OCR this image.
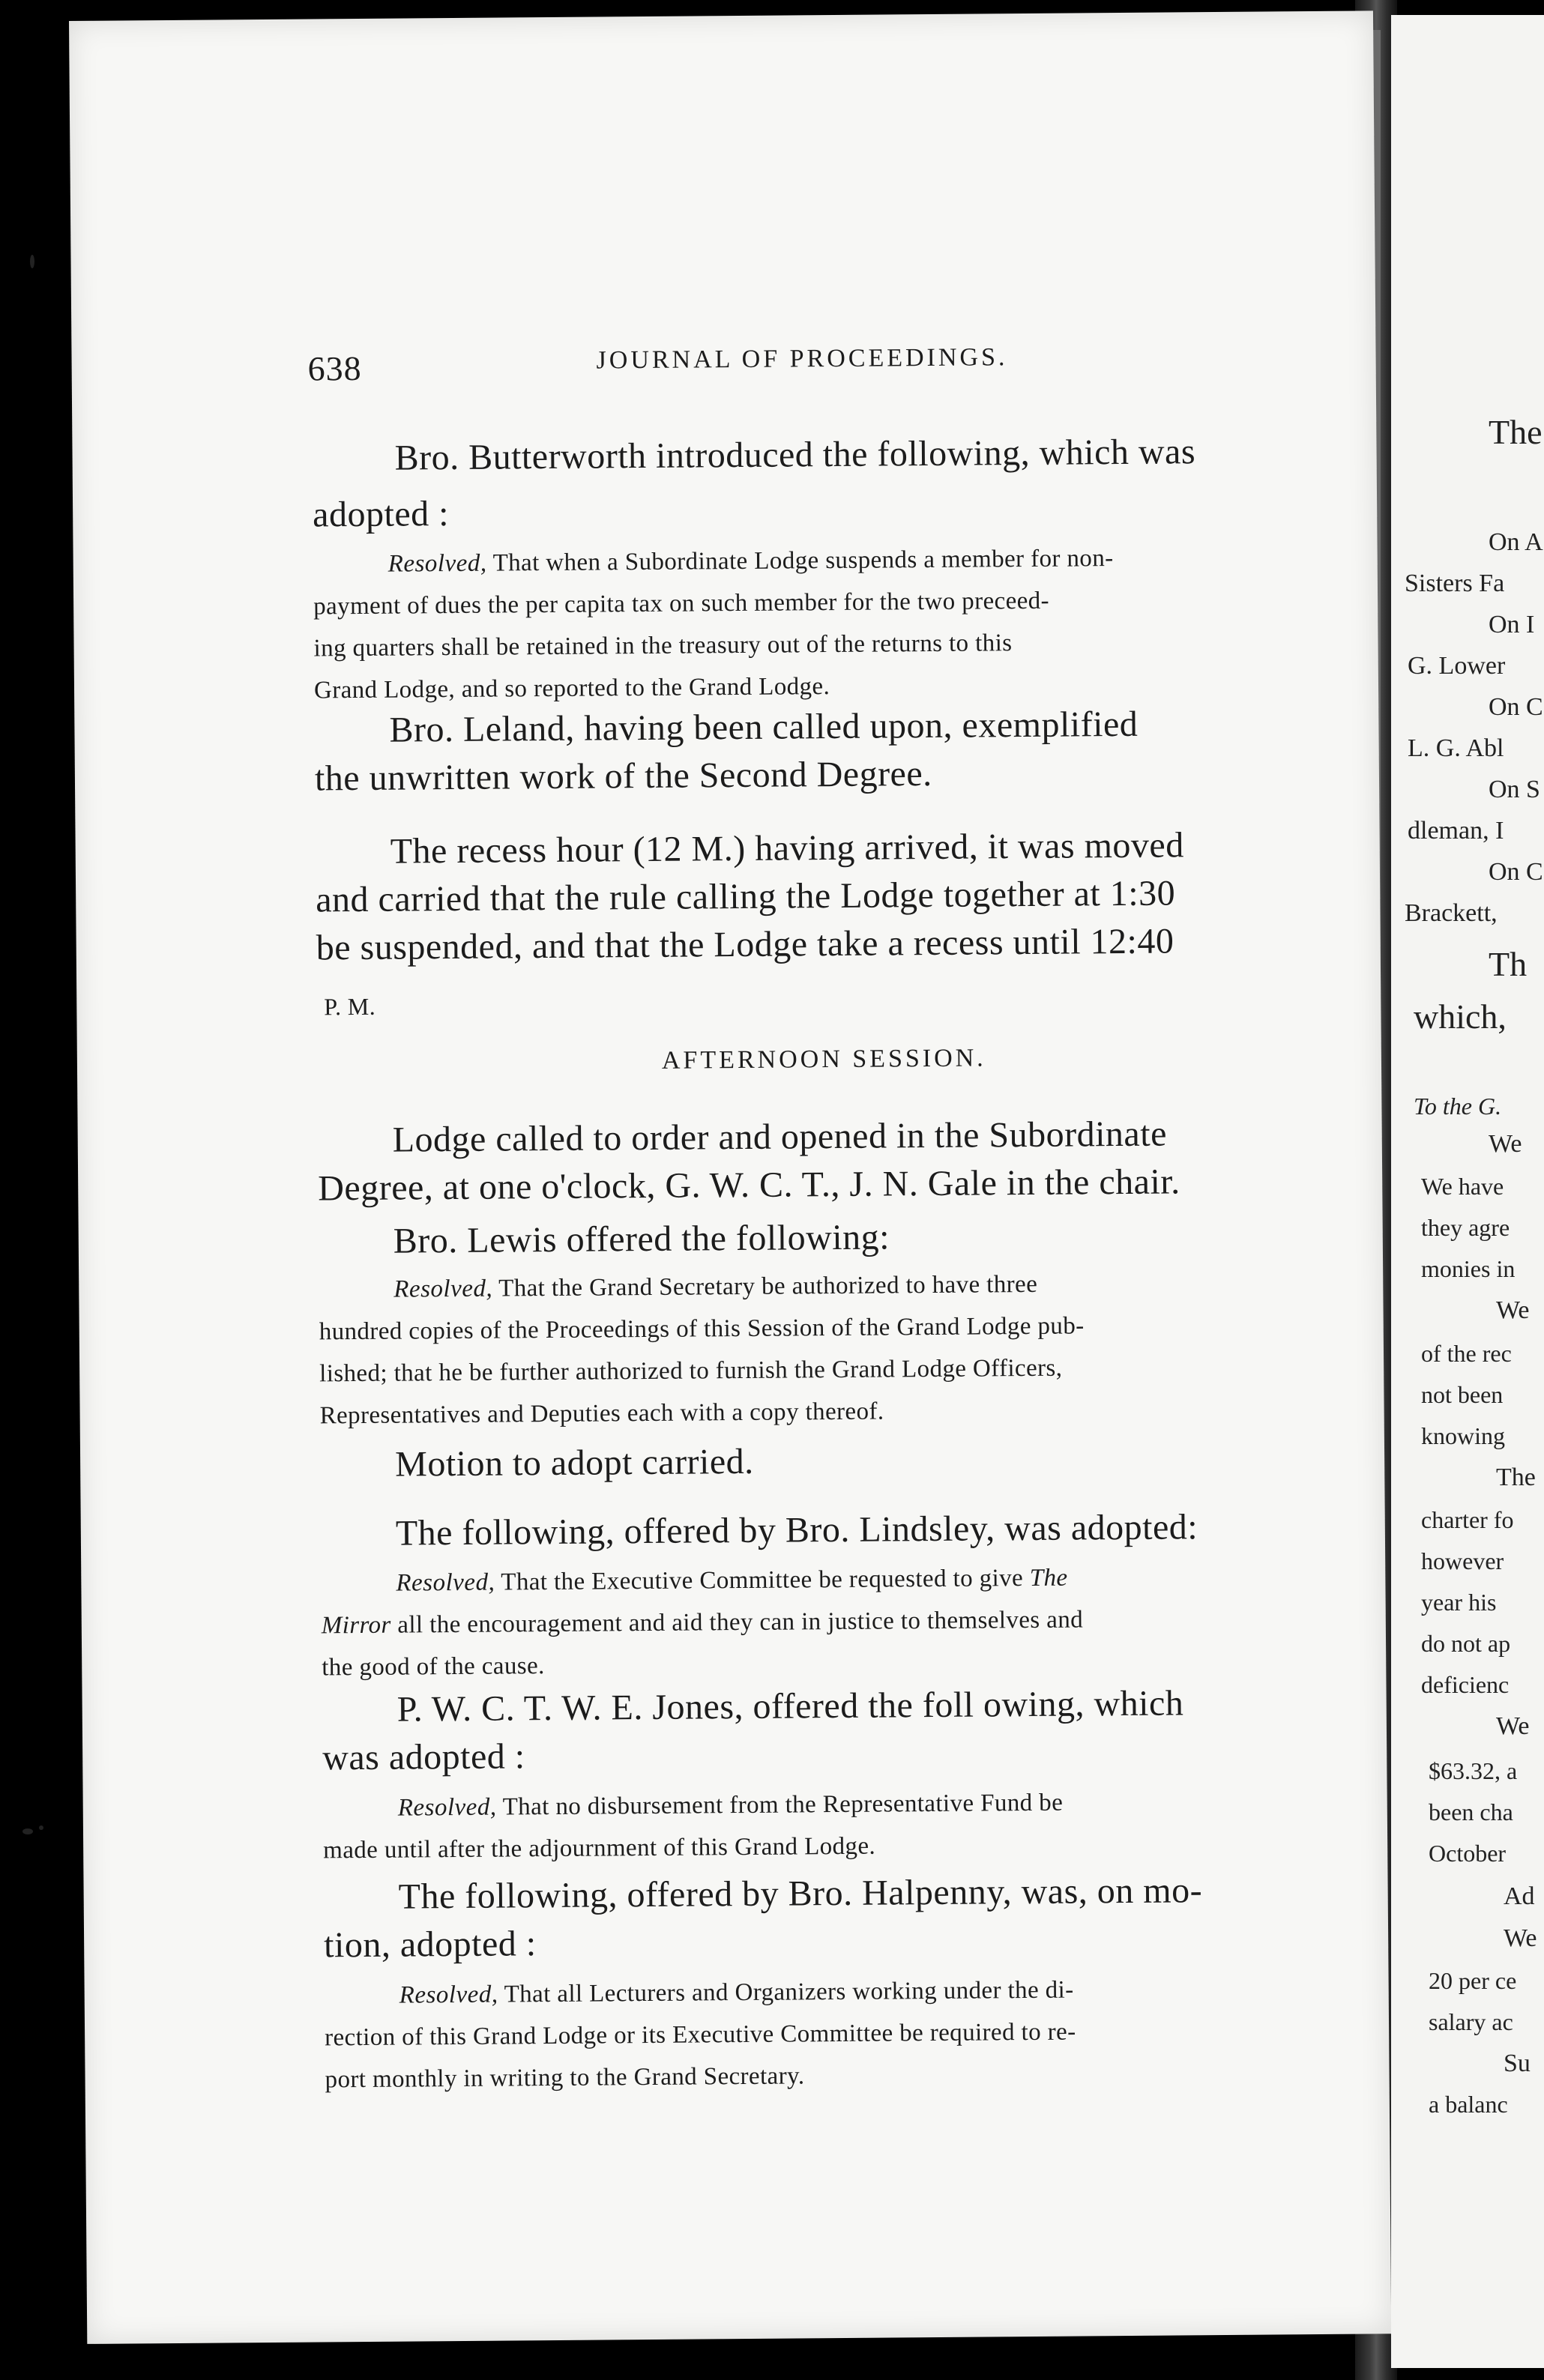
638	JOURNAL OF PROCEEDINGS.
Bro. Butterworth introduced the following, which was
adopted :
Resolved, That when a Subordinate Lodge suspends a member for non-
payment of dues the per capita tax on such member for the two preceed-
ing quarters shall be retained in the treasury out of the returns to this
Grand Lodge, and so reported to the Grand Lodge.
Bro. Leland, having been called upon, exemplified
the unwritten work of the Second Degree.
The recess hour (12 M.) having arrived, it was moved
and carried that the rule calling the Lodge together at 1:30
be suspended, and that the Lodge take a recess until 12:40
P. M.
AFTERNOON SESSION.
Lodge called to order and opened in the Subordinate
Degree, at one o'clock, G. W. C. T., J. N. Gale in the chair.
Bro. Lewis offered the following:
Resolved, That the Grand Secretary be authorized to have three
hundred copies of the Proceedings of this Session of the Grand Lodge pub-
lished; that he be further authorized to furnish the Grand Lodge Officers,
Representatives and Deputies each with a copy thereof.
Motion to adopt carried.
The following, offered by Bro. Lindsley, was adopted:
Resolved, That the Executive Committee be requested to give The
Mirror all the encouragement and aid they can in justice to themselves and
the good of the cause.
P. W. C. T. W. E. Jones, offered the foll owing, which
was adopted :
Resolved, That no disbursement from the Representative Fund be
made until after the adjournment of this Grand Lodge.
The following, offered by Bro. Halpenny, was, on mo-
tion, adopted :
Resolved, That all Lecturers and Organizers working under the di-
rection of this Grand Lodge or its Executive Committee be required to re-
port monthly in writing to the Grand Secretary.
The
On A
Sisters Fa
On I
G. Lower
On C
L. G. Abl
On S
dleman, I
On C
Brackett,
Th
which,
To the G.
We
We have
they agre
monies in
We
of the rec
not been
knowing
The
charter fo
however
year his
do not ap
deficienc
We
$63.32, a
been cha
October
Ad
We
20 per ce
salary ac
Su
a balanc
